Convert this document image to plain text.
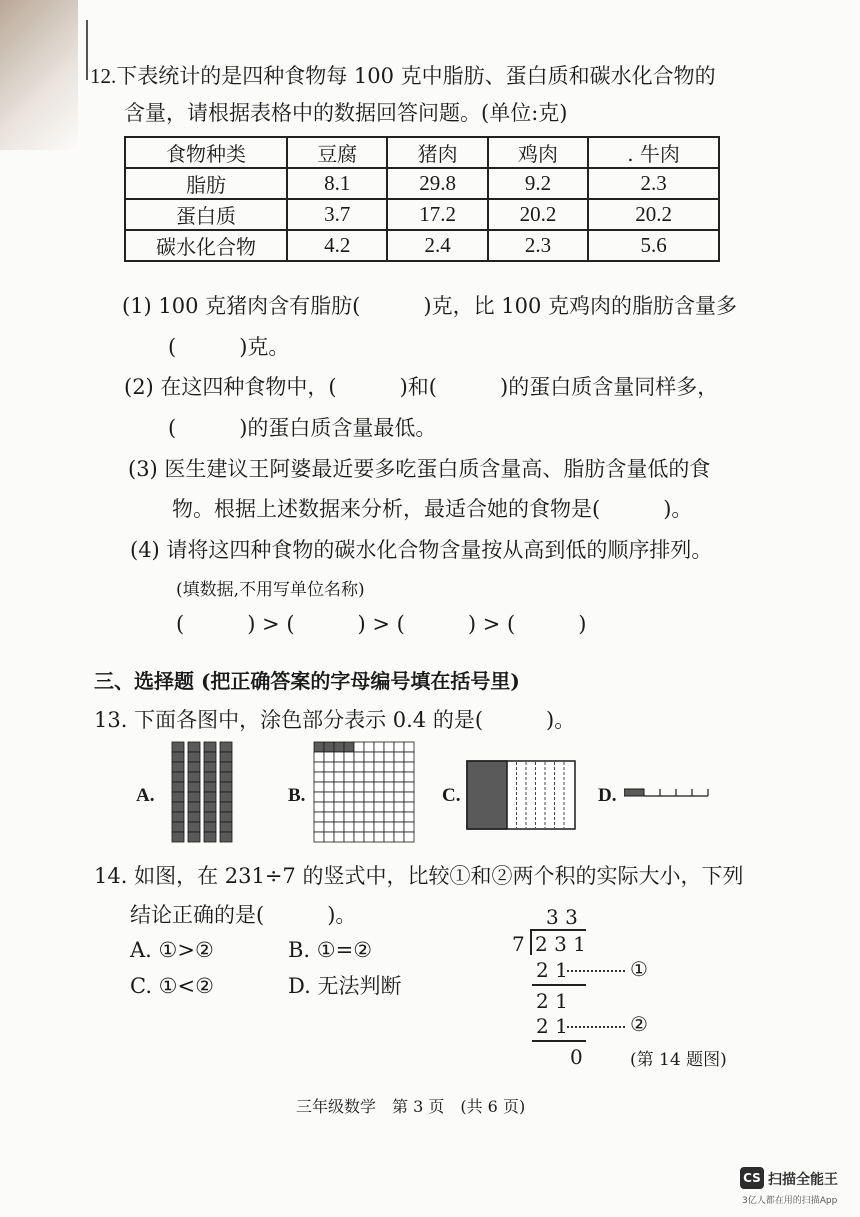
12.下表统计的是四种食物每 100 克中脂肪、蛋白质和碳水化合物的
含量，请根据表格中的数据回答问题。(单位:克)
食物种类	豆腐	猪肉	鸡肉	. 牛肉
脂肪	8.1	29.8	9.2	2.3
蛋白质	3.7	17.2	20.2	20.2
碳水化合物	4.2	2.4	2.3	5.6
(1) 100 克猪肉含有脂肪(　　　)克，比 100 克鸡肉的脂肪含量多
(　　　)克。
(2) 在这四种食物中，(　　　)和(　　　)的蛋白质含量同样多，
(　　　)的蛋白质含量最低。
(3) 医生建议王阿婆最近要多吃蛋白质含量高、脂肪含量低的食
物。根据上述数据来分析，最适合她的食物是(　　　)。
(4) 请将这四种食物的碳水化合物含量按从高到低的顺序排列。
(填数据,不用写单位名称)
(　　　) > (　　　) > (　　　) > (　　　)
三、选择题 (把正确答案的字母编号填在括号里)
13. 下面各图中，涂色部分表示 0.4 的是(　　　)。
A.	B.	C.	D.
14. 如图，在 231÷7 的竖式中，比较①和②两个积的实际大小，下列
结论正确的是(　　　)。
A. ①>②	B. ①=②
C. ①<②	D. 无法判断
3 3
7 2 3 1
2 1	①
2 1
2 1	②
0	(第 14 题图)
三年级数学　第 3 页　(共 6 页)
CS 扫描全能王
3亿人都在用的扫描App
